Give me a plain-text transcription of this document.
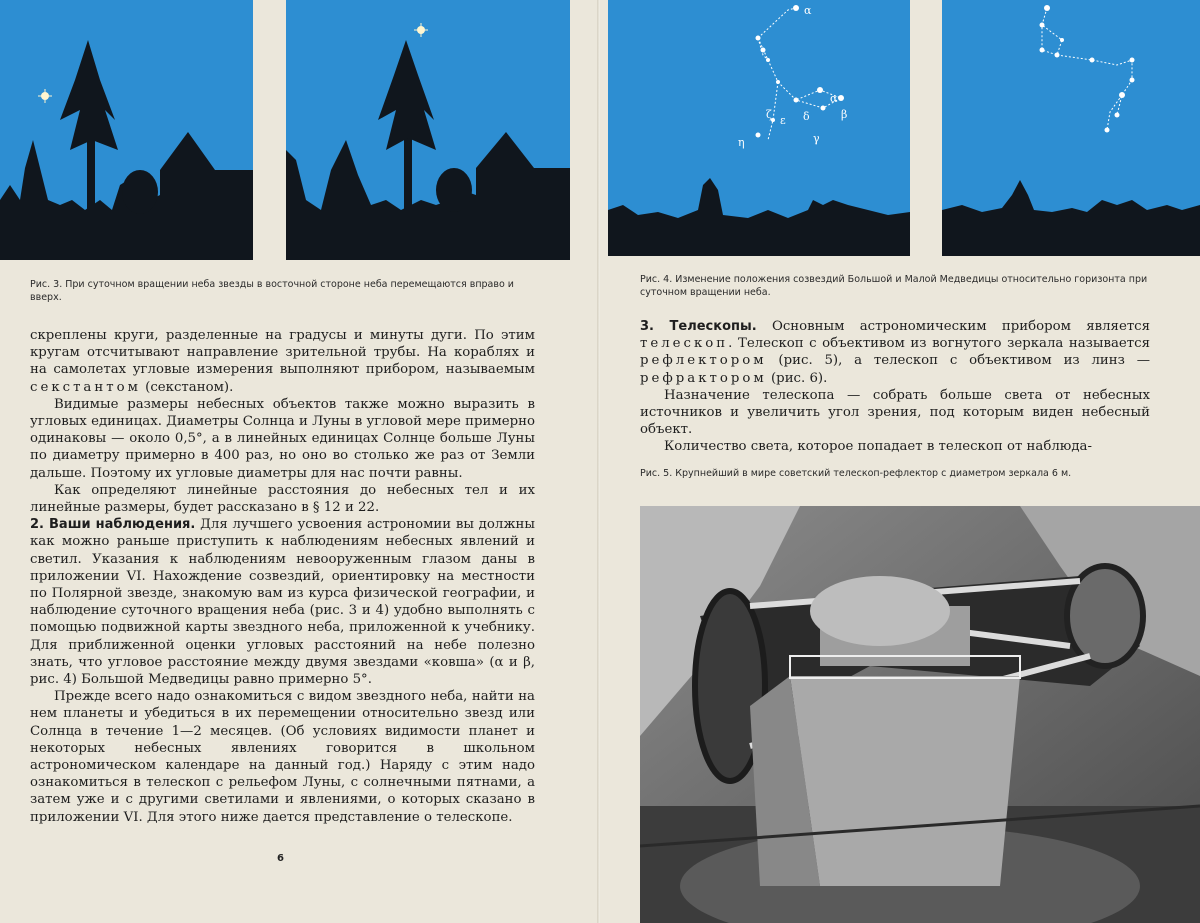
Рис. 3. При суточном вращении неба звезды в восточной стороне неба перемещаются вправо и вверх.

скреплены круги, разделенные на градусы и минуты дуги. По этим кругам отсчитывают направление зрительной трубы. На кораблях и на самолетах угловые измерения выполняют прибором, называемым секстантом (секстаном).

Видимые размеры небесных объектов также можно выразить в угловых единицах. Диаметры Солнца и Луны в угловой мере примерно одинаковы — около 0,5°, а в линейных единицах Солнце больше Луны по диаметру примерно в 400 раз, но оно во столько же раз от Земли дальше. Поэтому их угловые диаметры для нас почти равны.

Как определяют линейные расстояния до небесных тел и их линейные размеры, будет рассказано в § 12 и 22.

2. Ваши наблюдения. Для лучшего усвоения астрономии вы должны как можно раньше приступить к наблюдениям небесных явлений и светил. Указания к наблюдениям невооруженным глазом даны в приложении VI. Нахождение созвездий, ориентировку на местности по Полярной звезде, знакомую вам из курса физической географии, и наблюдение суточного вращения неба (рис. 3 и 4) удобно выполнять с помощью подвижной карты звездного неба, приложенной к учебнику. Для приближенной оценки угловых расстояний на небе полезно знать, что угловое расстояние между двумя звездами «ковша» (α и β, рис. 4) Большой Медведицы равно примерно 5°.

Прежде всего надо ознакомиться с видом звездного неба, найти на нем планеты и убедиться в их перемещении относительно звезд или Солнца в течение 1—2 месяцев. (Об условиях видимости планет и некоторых небесных явлениях говорится в школьном астрономическом календаре на данный год.) Наряду с этим надо ознакомиться в телескоп с рельефом Луны, с солнечными пятнами, а затем уже и с другими светилами и явлениями, о которых сказано в приложении VI. Для этого ниже дается представление о телескопе.

6
α
β
γ
δ
ε
ζ
η
α
Рис. 4. Изменение положения созвездий Большой и Малой Медведицы относительно горизонта при суточном вращении неба.

3. Телескопы. Основным астрономическим прибором является телескоп. Телескоп с объективом из вогнутого зеркала называется рефлектором (рис. 5), а телескоп с объективом из линз — рефрактором (рис. 6).

Назначение телескопа — собрать больше света от небесных источников и увеличить угол зрения, под которым виден небесный объект.

Количество света, которое попадает в телескоп от наблюда-

Рис. 5. Крупнейший в мире советский телескоп-рефлектор с диаметром зеркала 6 м.
